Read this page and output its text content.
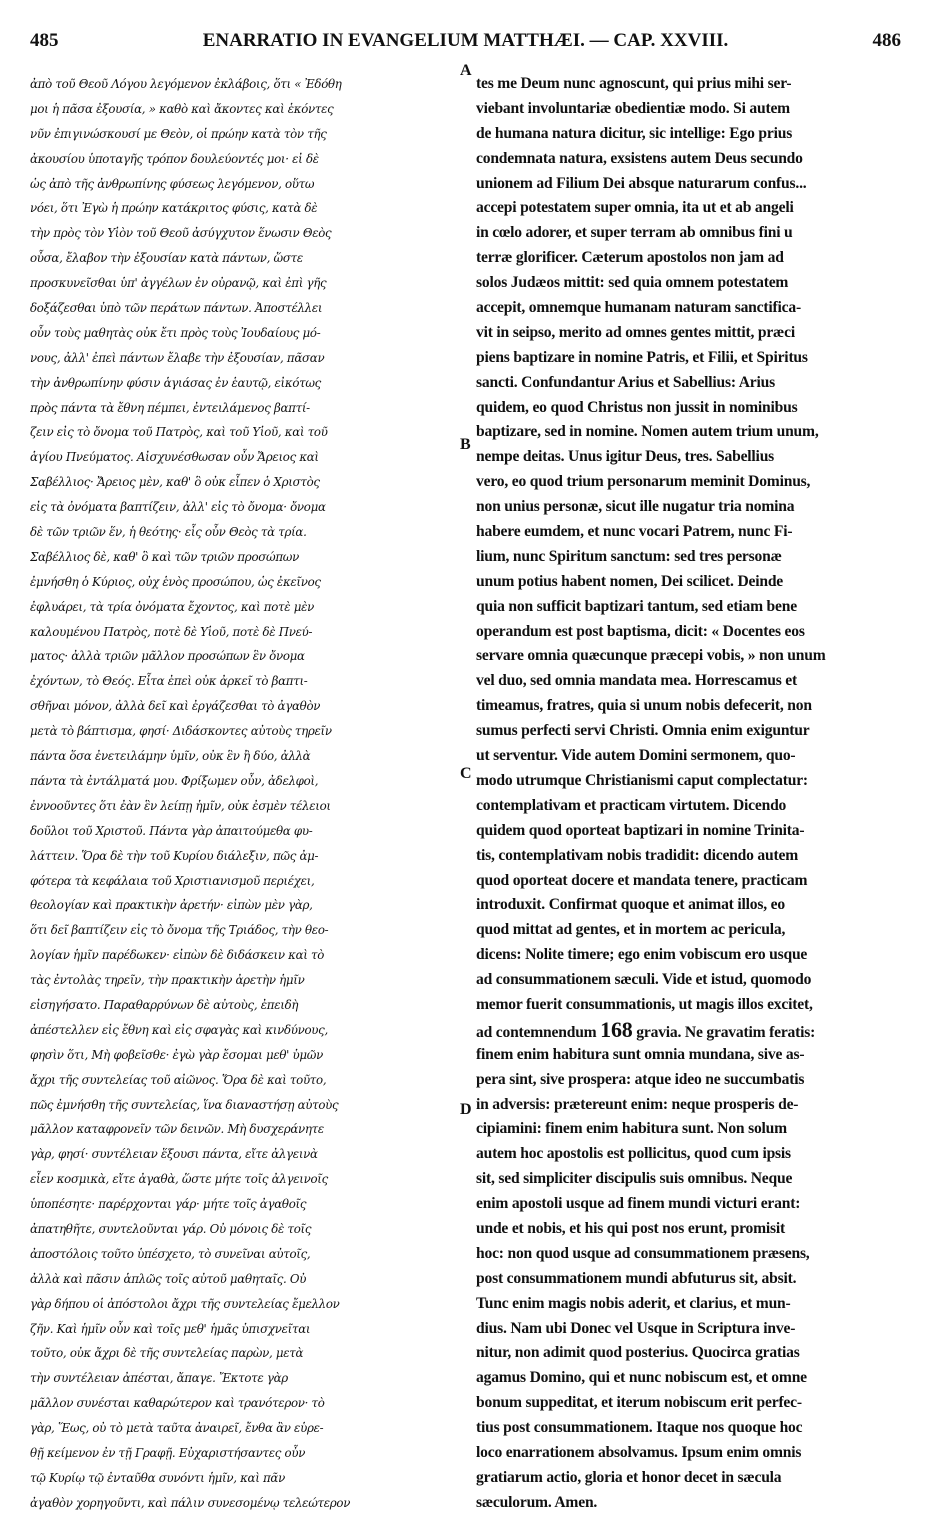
485	ENARRATIO IN EVANGELIUM MATTHÆI. — CAP. XXVIII.	486
ἀπὸ τοῦ Θεοῦ Λόγου λεγόμενον ἐκλάβοις, ὅτι « Ἐδόθη
μοι ἡ πᾶσα ἐξουσία, » καθὸ καὶ ἄκοντες καὶ ἑκόντες
νῦν ἐπιγινώσκουσί με Θεὸν, οἱ πρώην κατὰ τὸν τῆς
ἀκουσίου ὑποταγῆς τρόπον δουλεύοντές μοι· εἰ δὲ
ὡς ἀπὸ τῆς ἀνθρωπίνης φύσεως λεγόμενον, οὕτω
νόει, ὅτι Ἐγὼ ἡ πρώην κατάκριτος φύσις, κατὰ δὲ
τὴν πρὸς τὸν Υἱὸν τοῦ Θεοῦ ἀσύγχυτον ἕνωσιν Θεὸς
οὖσα, ἔλαβον τὴν ἐξουσίαν κατὰ πάντων, ὥστε
προσκυνεῖσθαι ὑπ' ἀγγέλων ἐν οὐρανῷ, καὶ ἐπὶ γῆς
δοξάζεσθαι ὑπὸ τῶν περάτων πάντων. Ἀποστέλλει
οὖν τοὺς μαθητὰς οὐκ ἔτι πρὸς τοὺς Ἰουδαίους μό-
νους, ἀλλ' ἐπεὶ πάντων ἔλαβε τὴν ἐξουσίαν, πᾶσαν
τὴν ἀνθρωπίνην φύσιν ἁγιάσας ἐν ἑαυτῷ, εἰκότως
πρὸς πάντα τὰ ἔθνη πέμπει, ἐντειλάμενος βαπτί-
ζειν εἰς τὸ ὄνομα τοῦ Πατρὸς, καὶ τοῦ Υἱοῦ, καὶ τοῦ
ἁγίου Πνεύματος. Αἰσχυνέσθωσαν οὖν Ἄρειος καὶ
Σαβέλλιος· Ἄρειος μὲν, καθ' ὃ οὐκ εἶπεν ὁ Χριστὸς
εἰς τὰ ὀνόματα βαπτίζειν, ἀλλ' εἰς τὸ ὄνομα· ὄνομα
δὲ τῶν τριῶν ἕν, ἡ θεότης· εἷς οὖν Θεὸς τὰ τρία.
Σαβέλλιος δὲ, καθ' ὃ καὶ τῶν τριῶν προσώπων
ἐμνήσθη ὁ Κύριος, οὐχ ἑνὸς προσώπου, ὡς ἐκεῖνος
ἐφλυάρει, τὰ τρία ὀνόματα ἔχοντος, καὶ ποτὲ μὲν
καλουμένου Πατρὸς, ποτὲ δὲ Υἱοῦ, ποτὲ δὲ Πνεύ-
ματος· ἀλλὰ τριῶν μᾶλλον προσώπων ἓν ὄνομα
ἐχόντων, τὸ Θεός. Εἶτα ἐπεὶ οὐκ ἀρκεῖ τὸ βαπτι-
σθῆναι μόνον, ἀλλὰ δεῖ καὶ ἐργάζεσθαι τὸ ἀγαθὸν
μετὰ τὸ βάπτισμα, φησί· Διδάσκοντες αὐτοὺς τηρεῖν
πάντα ὅσα ἐνετειλάμην ὑμῖν, οὐκ ἓν ἢ δύο, ἀλλὰ
πάντα τὰ ἐντάλματά μου. Φρίξωμεν οὖν, ἀδελφοὶ,
ἐννοοῦντες ὅτι ἐὰν ἓν λείπῃ ἡμῖν, οὐκ ἐσμὲν τέλειοι
δοῦλοι τοῦ Χριστοῦ. Πάντα γὰρ ἀπαιτούμεθα φυ-
λάττειν. Ὅρα δὲ τὴν τοῦ Κυρίου διάλεξιν, πῶς ἀμ-
φότερα τὰ κεφάλαια τοῦ Χριστιανισμοῦ περιέχει,
θεολογίαν καὶ πρακτικὴν ἀρετήν· εἰπὼν μὲν γὰρ,
ὅτι δεῖ βαπτίζειν εἰς τὸ ὄνομα τῆς Τριάδος, τὴν θεο-
λογίαν ἡμῖν παρέδωκεν· εἰπὼν δὲ διδάσκειν καὶ τὸ
τὰς ἐντολὰς τηρεῖν, τὴν πρακτικὴν ἀρετὴν ἡμῖν
εἰσηγήσατο. Παραθαρρύνων δὲ αὐτοὺς, ἐπειδὴ
ἀπέστελλεν εἰς ἔθνη καὶ εἰς σφαγὰς καὶ κινδύνους,
φησὶν ὅτι, Μὴ φοβεῖσθε· ἐγὼ γὰρ ἔσομαι μεθ' ὑμῶν
ἄχρι τῆς συντελείας τοῦ αἰῶνος. Ὅρα δὲ καὶ τοῦτο,
πῶς ἐμνήσθη τῆς συντελείας, ἵνα διαναστήσῃ αὐτοὺς
μᾶλλον καταφρονεῖν τῶν δεινῶν. Μὴ δυσχεράνητε
γὰρ, φησί· συντέλειαν ἕξουσι πάντα, εἴτε ἀλγεινὰ
εἶεν κοσμικὰ, εἴτε ἀγαθὰ, ὥστε μήτε τοῖς ἀλγεινοῖς
ὑποπέσητε· παρέρχονται γάρ· μήτε τοῖς ἀγαθοῖς
ἀπατηθῆτε, συντελοῦνται γάρ. Οὐ μόνοις δὲ τοῖς
ἀποστόλοις τοῦτο ὑπέσχετο, τὸ συνεῖναι αὐτοῖς,
ἀλλὰ καὶ πᾶσιν ἁπλῶς τοῖς αὐτοῦ μαθηταῖς. Οὐ
γὰρ δήπου οἱ ἀπόστολοι ἄχρι τῆς συντελείας ἔμελλον
ζῆν. Καὶ ἡμῖν οὖν καὶ τοῖς μεθ' ἡμᾶς ὑπισχνεῖται
τοῦτο, οὐκ ἄχρι δὲ τῆς συντελείας παρὼν, μετὰ
τὴν συντέλειαν ἀπέσται, ἄπαγε. Ἔκτοτε γὰρ
μᾶλλον συνέσται καθαρώτερον καὶ τρανότερον· τὸ
γὰρ, Ἕως, οὐ τὸ μετὰ ταῦτα ἀναιρεῖ, ἔνθα ἂν εὑρε-
θῇ κείμενον ἐν τῇ Γραφῇ. Εὐχαριστήσαντες οὖν
τῷ Κυρίῳ τῷ ἐνταῦθα συνόντι ἡμῖν, καὶ πᾶν
ἀγαθὸν χορηγοῦντι, καὶ πάλιν συνεσομένῳ τελεώτερον
tes me Deum nunc agnoscunt, qui prius mihi ser-
viebant involuntariæ obedientiæ modo. Si autem
de humana natura dicitur, sic intellige: Ego prius
condemnata natura, exsistens autem Deus secundo
unionem ad Filium Dei absque naturarum confus...
accepi potestatem super omnia, ita ut et ab angeli
in cœlo adorer, et super terram ab omnibus fini u
terræ glorificer. Cæterum apostolos non jam ad
solos Judæos mittit: sed quia omnem potestatem
accepit, omnemque humanam naturam sanctifica-
vit in seipso, merito ad omnes gentes mittit, præci
piens baptizare in nomine Patris, et Filii, et Spiritus
sancti. Confundantur Arius et Sabellius: Arius
quidem, eo quod Christus non jussit in nominibus
baptizare, sed in nomine. Nomen autem trium unum,
nempe deitas. Unus igitur Deus, tres. Sabellius
vero, eo quod trium personarum meminit Dominus,
non unius personæ, sicut ille nugatur tria nomina
habere eumdem, et nunc vocari Patrem, nunc Fi-
lium, nunc Spiritum sanctum: sed tres personæ
unum potius habent nomen, Dei scilicet. Deinde
quia non sufficit baptizari tantum, sed etiam bene
operandum est post baptisma, dicit: « Docentes eos
servare omnia quæcunque præcepi vobis, » non unum
vel duo, sed omnia mandata mea. Horrescamus et
timeamus, fratres, quia si unum nobis defecerit, non
sumus perfecti servi Christi. Omnia enim exiguntur
ut serventur. Vide autem Domini sermonem, quo-
modo utrumque Christianismi caput complectatur:
contemplativam et practicam virtutem. Dicendo
quidem quod oporteat baptizari in nomine Trinita-
tis, contemplativam nobis tradidit: dicendo autem
quod oporteat docere et mandata tenere, practicam
introduxit. Confirmat quoque et animat illos, eo
quod mittat ad gentes, et in mortem ac pericula,
dicens: Nolite timere; ego enim vobiscum ero usque
ad consummationem sæculi. Vide et istud, quomodo
memor fuerit consummationis, ut magis illos excitet,
ad contemnendum 168 gravia. Ne gravatim feratis:
finem enim habitura sunt omnia mundana, sive as-
pera sint, sive prospera: atque ideo ne succumbatis
in adversis: prætereunt enim: neque prosperis de-
cipiamini: finem enim habitura sunt. Non solum
autem hoc apostolis est pollicitus, quod cum ipsis
sit, sed simpliciter discipulis suis omnibus. Neque
enim apostoli usque ad finem mundi victuri erant:
unde et nobis, et his qui post nos erunt, promisit
hoc: non quod usque ad consummationem præsens,
post consummationem mundi abfuturus sit, absit.
Tunc enim magis nobis aderit, et clarius, et mun-
dius. Nam ubi Donec vel Usque in Scriptura inve-
nitur, non adimit quod posterius. Quocirca gratias
agamus Domino, qui et nunc nobiscum est, et omne
bonum suppeditat, et iterum nobiscum erit perfec-
tius post consummationem. Itaque nos quoque hoc
loco enarrationem absolvamus. Ipsum enim omnis
gratiarum actio, gloria et honor decet in sæcula
sæculorum. Amen.
A
B
C
D
